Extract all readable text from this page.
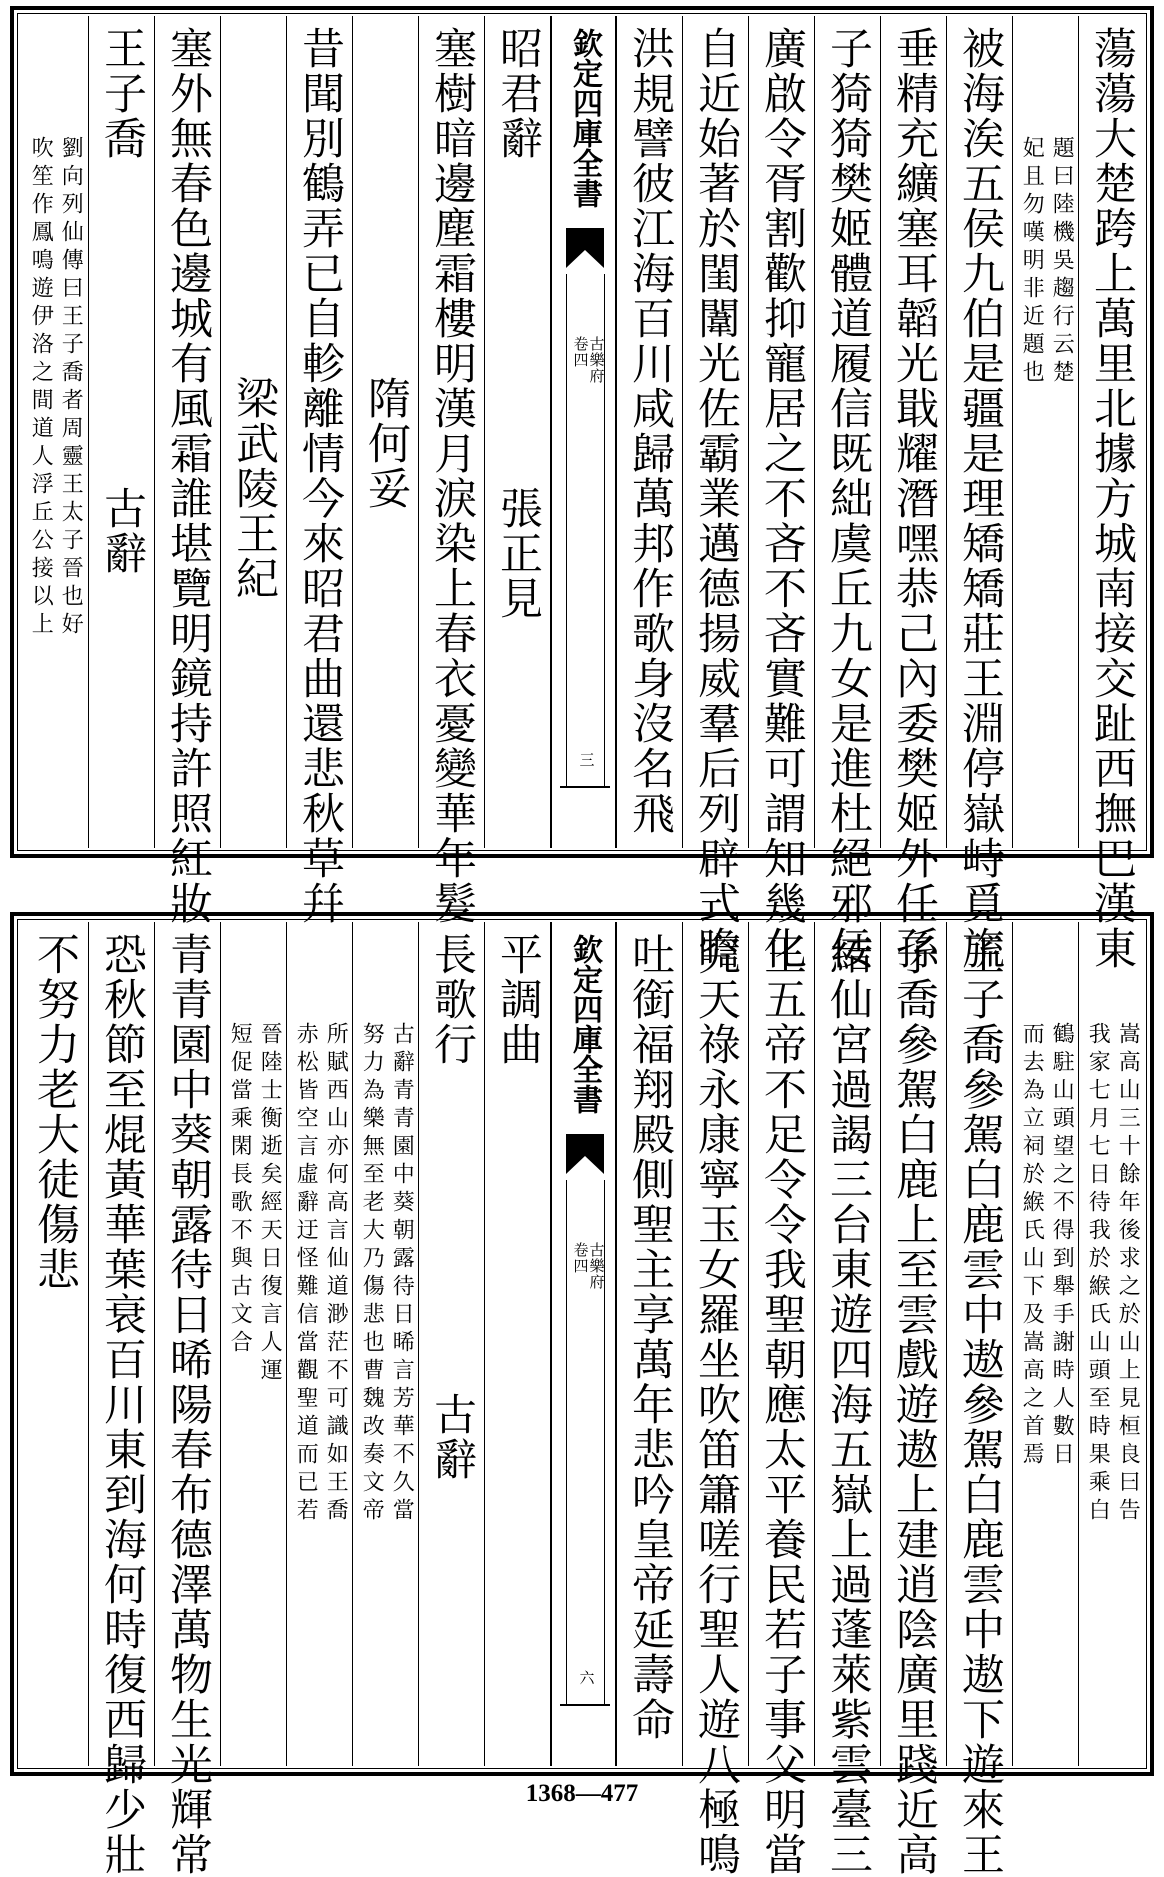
蕩蕩大楚跨上萬里北據方城南接交趾西撫巴漢東
題曰陸機吳趨行云楚
妃且勿嘆明非近題也
被海涘五侯九伯是疆是理矯矯莊王淵停嶽峙覓旒
垂精充纊塞耳韜光戢耀潛嘿恭己內委樊姬外任孫
子猗猗樊姬體道履信既絀虞丘九女是進杜絕邪佞
廣啟令胥割歡抑寵居之不吝不吝實難可謂知幾化
自近始著於閨闈光佐霸業邁德揚威羣后列辟式瞻
洪規譬彼江海百川咸歸萬邦作歌身沒名飛
欽定四庫全書
古樂府
卷四
三
昭君辭
張正見
塞樹暗邊塵霜樓明漢月淚染上春衣憂變華年髮
隋何妥
昔聞別鶴弄已自軫離情今來昭君曲還悲秋草幷
梁武陵王紀
塞外無春色邊城有風霜誰堪覽明鏡持許照紅妝
王子喬
古辭
劉向列仙傳曰王子喬者周靈王太子晉也好
吹笙作鳳鳴遊伊洛之間道人浮丘公接以上
嵩高山三十餘年後求之於山上見桓良曰告
我家七月七日待我於緱氏山頭至時果乘白
鶴駐山頭望之不得到舉手謝時人數日
而去為立祠於緱氏山下及嵩高之首焉
王子喬參駕白鹿雲中遨參駕白鹿雲中遨下遊來王
子喬參駕白鹿上至雲戲遊遨上建逍陰廣里踐近高
結仙宮過謁三台東遊四海五嶽上過蓬萊紫雲臺三
王五帝不足令令我聖朝應太平養民若子事父明當
究天祿永康寧玉女羅坐吹笛簫嗟行聖人遊八極鳴
吐銜福翔殿側聖主享萬年悲吟皇帝延壽命
欽定四庫全書
古樂府
卷四
六
平調曲
長歌行
古辭
古辭青青園中葵朝露待日晞言芳華不久當
努力為樂無至老大乃傷悲也曹魏改奏文帝
所賦西山亦何高言仙道渺茫不可識如王喬
赤松皆空言虛辭迂怪難信當觀聖道而已若
晉陸士衡逝矣經天日復言人運
短促當乘閑長歌不與古文合
青青園中葵朝露待日晞陽春布德澤萬物生光輝常
恐秋節至焜黃華葉衰百川東到海何時復西歸少壯
不努力老大徒傷悲
1368—477
